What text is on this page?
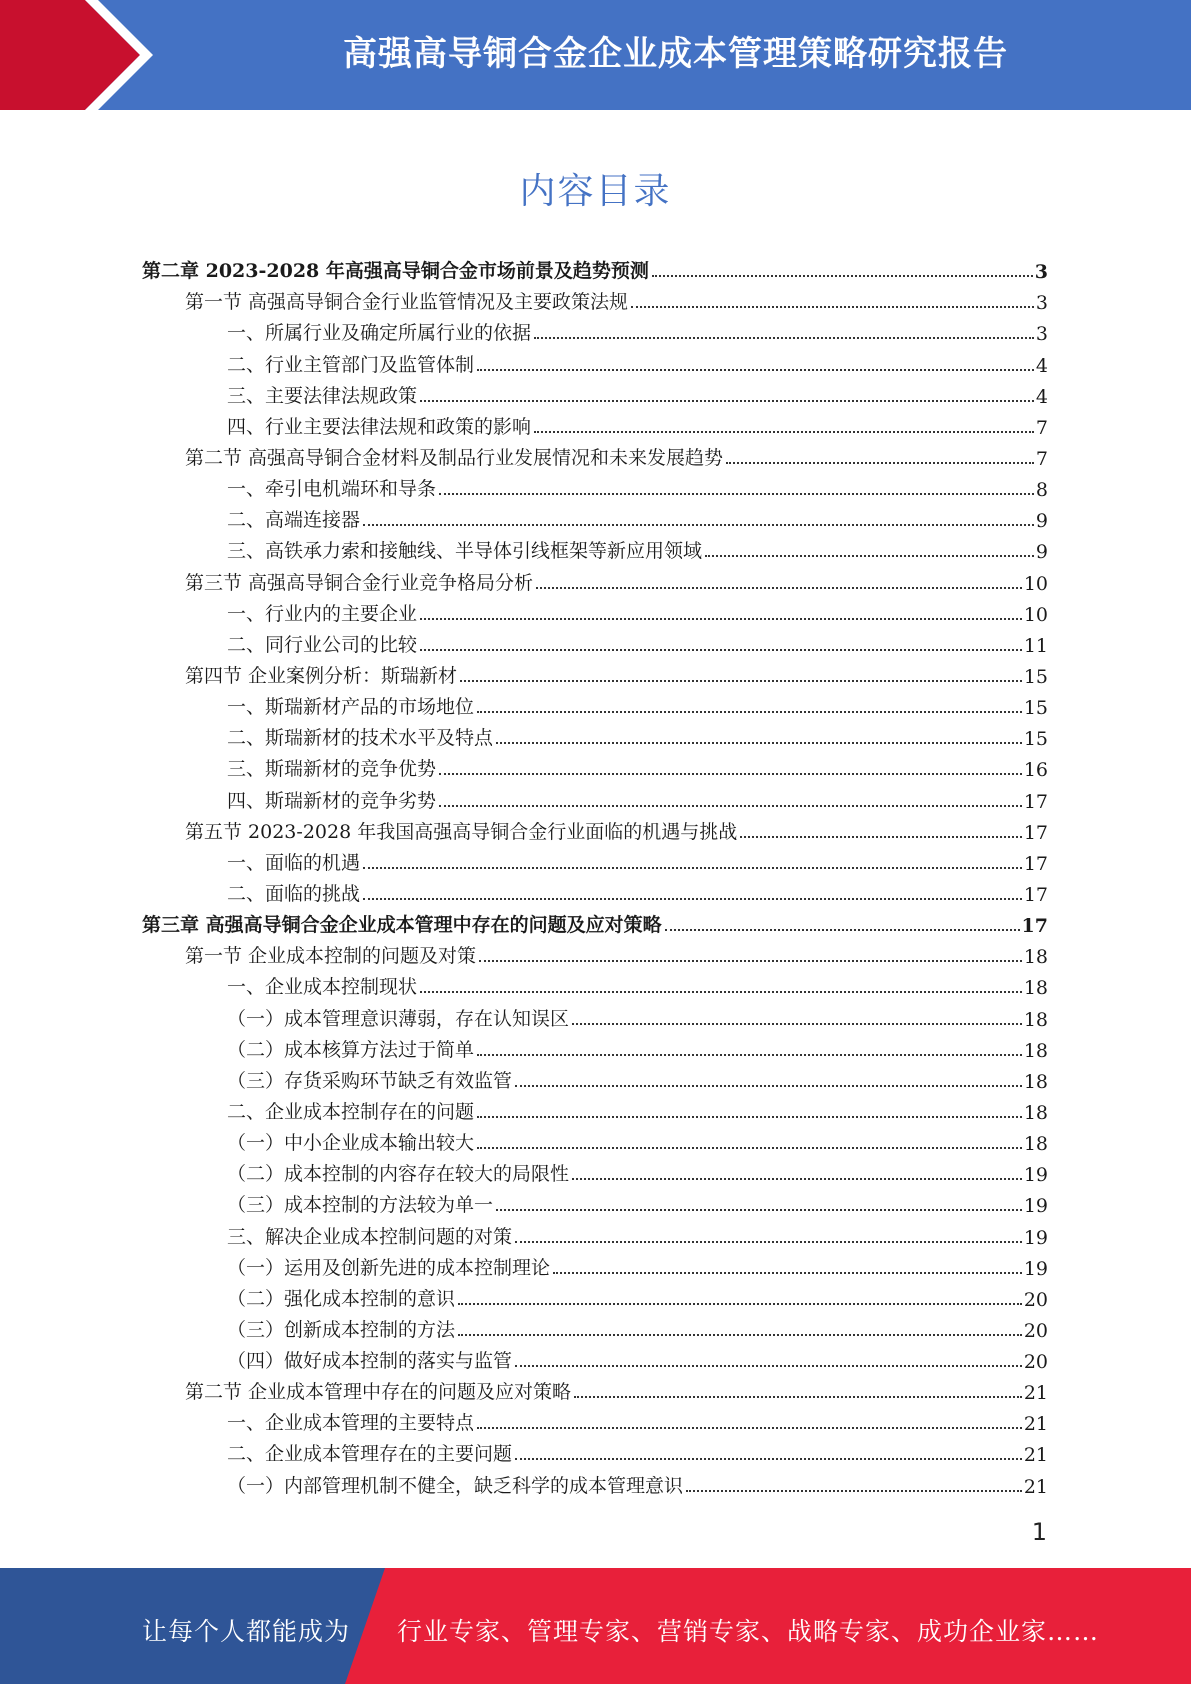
高强高导铜合金企业成本管理策略研究报告
内容目录
第二章 2023-2028 年高强高导铜合金市场前景及趋势预测	3
第一节 高强高导铜合金行业监管情况及主要政策法规	3
一、所属行业及确定所属行业的依据	3
二、行业主管部门及监管体制	4
三、主要法律法规政策	4
四、行业主要法律法规和政策的影响	7
第二节 高强高导铜合金材料及制品行业发展情况和未来发展趋势	7
一、牵引电机端环和导条	8
二、高端连接器	9
三、高铁承力索和接触线、半导体引线框架等新应用领域	9
第三节 高强高导铜合金行业竞争格局分析	10
一、行业内的主要企业	10
二、同行业公司的比较	11
第四节 企业案例分析：斯瑞新材	15
一、斯瑞新材产品的市场地位	15
二、斯瑞新材的技术水平及特点	15
三、斯瑞新材的竞争优势	16
四、斯瑞新材的竞争劣势	17
第五节 2023-2028 年我国高强高导铜合金行业面临的机遇与挑战	17
一、面临的机遇	17
二、面临的挑战	17
第三章 高强高导铜合金企业成本管理中存在的问题及应对策略	17
第一节 企业成本控制的问题及对策	18
一、企业成本控制现状	18
（一）成本管理意识薄弱，存在认知误区	18
（二）成本核算方法过于简单	18
（三）存货采购环节缺乏有效监管	18
二、企业成本控制存在的问题	18
（一）中小企业成本输出较大	18
（二）成本控制的内容存在较大的局限性	19
（三）成本控制的方法较为单一	19
三、解决企业成本控制问题的对策	19
（一）运用及创新先进的成本控制理论	19
（二）强化成本控制的意识	20
（三）创新成本控制的方法	20
（四）做好成本控制的落实与监管	20
第二节 企业成本管理中存在的问题及应对策略	21
一、企业成本管理的主要特点	21
二、企业成本管理存在的主要问题	21
（一）内部管理机制不健全，缺乏科学的成本管理意识	21
1
让每个人都能成为 行业专家、管理专家、营销专家、战略专家、成功企业家……
